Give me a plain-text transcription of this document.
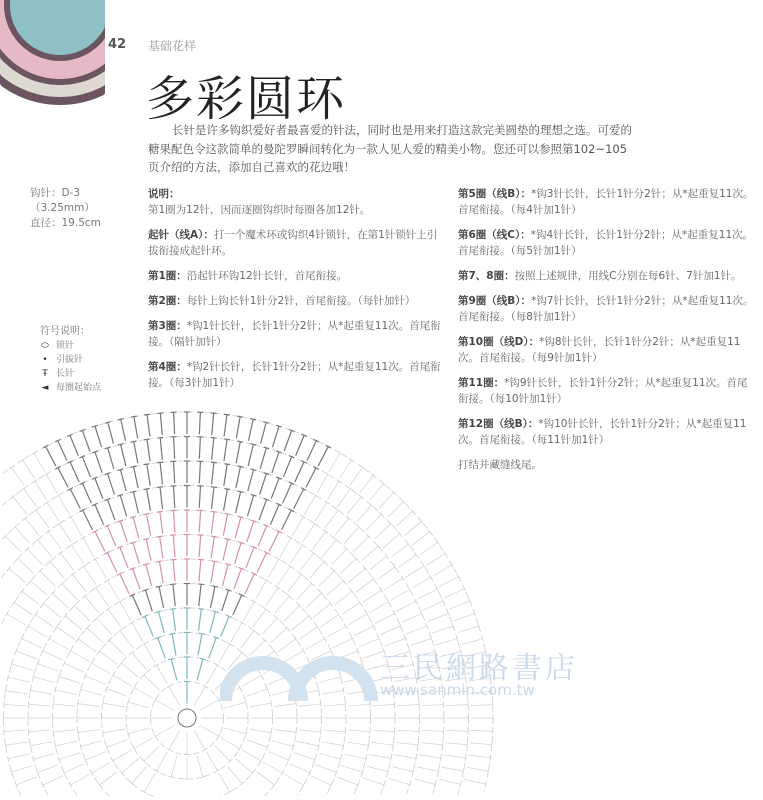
42 基础花样
多彩圆环
长针是许多钩织爱好者最喜爱的针法，同时也是用来打造这款完美圆垫的理想之选。可爱的糖果配色令这款简单的曼陀罗瞬间转化为一款人见人爱的精美小物。您还可以参照第102~105页介绍的方法，添加自己喜欢的花边哦！
钩针：D-3
（3.25mm）
直径：19.5cm
符号说明：
⬭ 锁针
• 引拔针
Ŧ 长针
◄ 每圈起始点

说明：
第1圈为12针，因而逐圈钩织时每圈各加12针。

起针（线A）：打一个魔术环或钩织4针锁针，在第1针锁针上引拔衔接成起针环。

第1圈：沿起针环钩12针长针，首尾衔接。

第2圈：每针上钩长针1针分2针，首尾衔接。（每针加针）

第3圈：*钩1针长针，长针1针分2针；从*起重复11次。首尾衔接。（隔针加针）

第4圈：*钩2针长针，长针1针分2针；从*起重复11次。首尾衔接。（每3针加1针）

第5圈（线B）：*钩3针长针，长针1针分2针；从*起重复11次。首尾衔接。（每4针加1针）

第6圈（线C）：*钩4针长针，长针1针分2针；从*起重复11次。首尾衔接。（每5针加1针）

第7、8圈：按照上述规律，用线C分别在每6针、7针加1针。

第9圈（线B）：*钩7针长针，长针1针分2针；从*起重复11次。首尾衔接。（每8针加1针）

第10圈（线D）：*钩8针长针，长针1针分2针；从*起重复11次。首尾衔接。（每9针加1针）

第11圈：*钩9针长针，长针1针分2针；从*起重复11次。首尾衔接。（每10针加1针）

第12圈（线B）：*钩10针长针，长针1针分2针；从*起重复11次。首尾衔接。（每11针加1针）

打结并藏缝线尾。

三民網路書店
www.sanmin.com.tw
